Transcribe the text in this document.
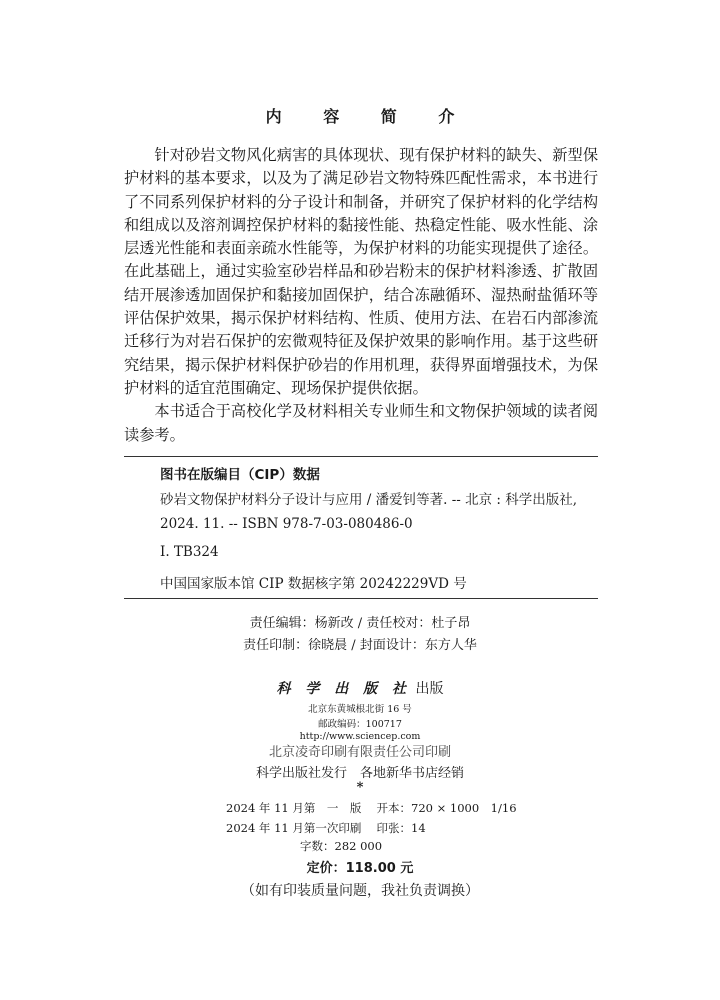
内 容 简 介

针对砂岩文物风化病害的具体现状、现有保护材料的缺失、新型保护材料的基本要求，以及为了满足砂岩文物特殊匹配性需求，本书进行了不同系列保护材料的分子设计和制备，并研究了保护材料的化学结构和组成以及溶剂调控保护材料的黏接性能、热稳定性能、吸水性能、涂层透光性能和表面亲疏水性能等，为保护材料的功能实现提供了途径。在此基础上，通过实验室砂岩样品和砂岩粉末的保护材料渗透、扩散固结开展渗透加固保护和黏接加固保护，结合冻融循环、湿热耐盐循环等评估保护效果，揭示保护材料结构、性质、使用方法、在岩石内部渗流迁移行为对岩石保护的宏微观特征及保护效果的影响作用。基于这些研究结果，揭示保护材料保护砂岩的作用机理，获得界面增强技术，为保护材料的适宜范围确定、现场保护提供依据。

本书适合于高校化学及材料相关专业师生和文物保护领域的读者阅读参考。

图书在版编目（CIP）数据
砂岩文物保护材料分子设计与应用 / 潘爱钊等著. -- 北京 : 科学出版社, 2024. 11. -- ISBN 978-7-03-080486-0
Ⅰ. TB324
中国国家版本馆 CIP 数据核字第 20242229VD 号
责任编辑：杨新改 / 责任校对：杜子昂
责任印制：徐晓晨 / 封面设计：东方人华
科 学 出 版 社 出版
北京东黄城根北街 16 号
邮政编码：100717
http://www.sciencep.com
北京凌奇印刷有限责任公司印刷
科学出版社发行　各地新华书店经销
*
2024 年 11 月第　一　版　 开本：720 × 1000　1/16
2024 年 11 月第一次印刷　 印张：14
字数：282 000
定价：118.00 元
（如有印装质量问题，我社负责调换）
